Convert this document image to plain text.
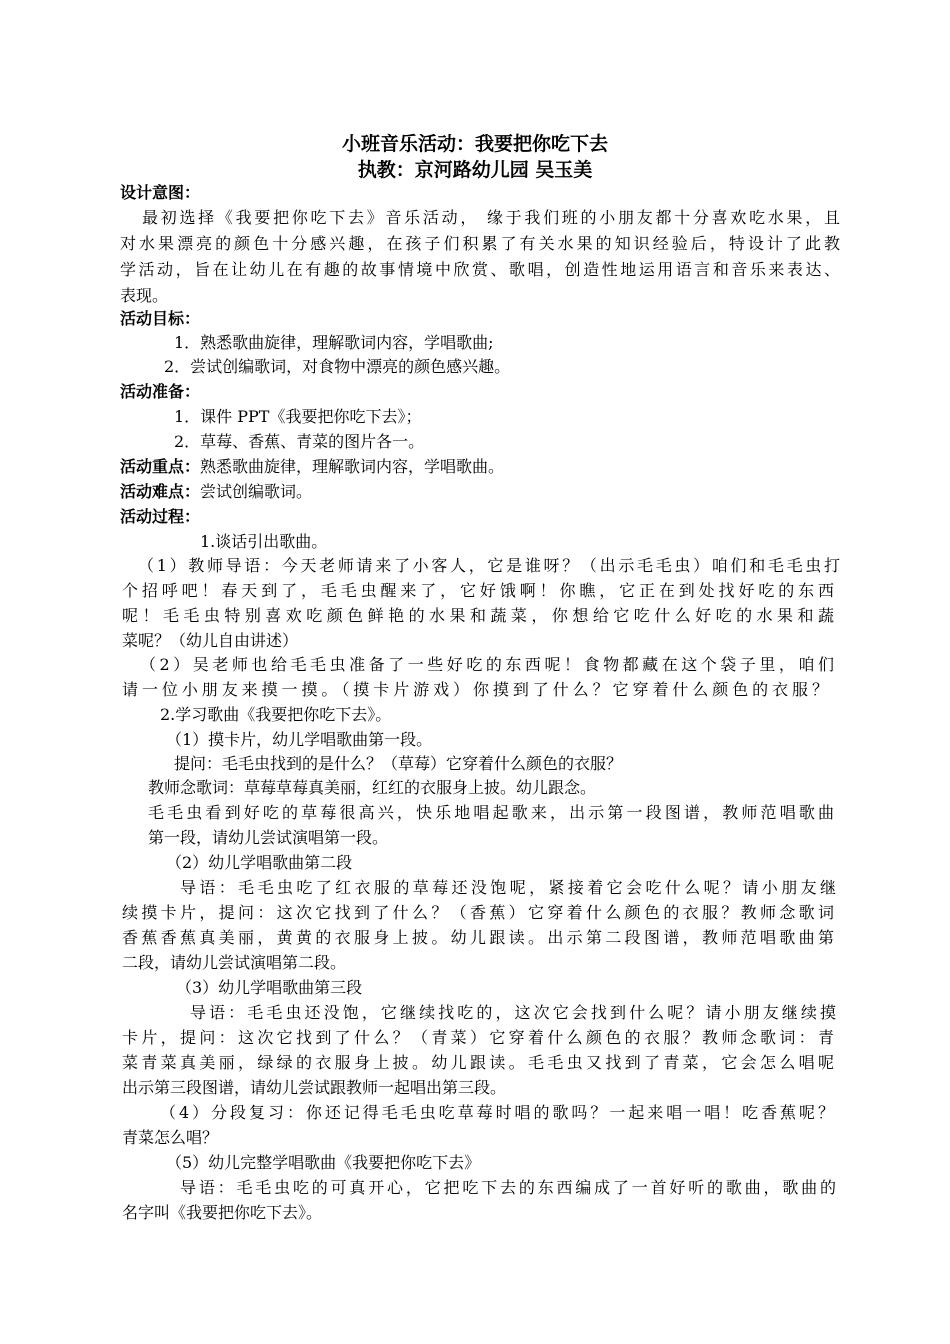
小班音乐活动：我要把你吃下去
执教：京河路幼儿园 吴玉美
设计意图：
最初选择《我要把你吃下去》音乐活动， 缘于我们班的小朋友都十分喜欢吃水果，且
对水果漂亮的颜色十分感兴趣，在孩子们积累了有关水果的知识经验后，特设计了此教
学活动，旨在让幼儿在有趣的故事情境中欣赏、歌唱，创造性地运用语言和音乐来表达、
表现。
活动目标：
1．熟悉歌曲旋律，理解歌词内容，学唱歌曲;
2．尝试创编歌词，对食物中漂亮的颜色感兴趣。
活动准备：
1．课件 PPT《我要把你吃下去》；
2．草莓、香蕉、青菜的图片各一。
活动重点：熟悉歌曲旋律，理解歌词内容，学唱歌曲。
活动难点：尝试创编歌词。
活动过程：
1.谈话引出歌曲。
（1）教师导语：今天老师请来了小客人，它是谁呀？（出示毛毛虫）咱们和毛毛虫打
个招呼吧！春天到了，毛毛虫醒来了，它好饿啊！你瞧，它正在到处找好吃的东西
呢！毛毛虫特别喜欢吃颜色鲜艳的水果和蔬菜，你想给它吃什么好吃的水果和蔬
菜呢？（幼儿自由讲述）
（2）吴老师也给毛毛虫准备了一些好吃的东西呢！食物都藏在这个袋子里，咱们
请一位小朋友来摸一摸。（摸卡片游戏）你摸到了什么？它穿着什么颜色的衣服？
2.学习歌曲《我要把你吃下去》。
（1）摸卡片，幼儿学唱歌曲第一段。
提问：毛毛虫找到的是什么？（草莓）它穿着什么颜色的衣服？
教师念歌词：草莓草莓真美丽，红红的衣服身上披。幼儿跟念。
毛毛虫看到好吃的草莓很高兴，快乐地唱起歌来，出示第一段图谱，教师范唱歌曲
第一段，请幼儿尝试演唱第一段。
（2）幼儿学唱歌曲第二段
导语：毛毛虫吃了红衣服的草莓还没饱呢，紧接着它会吃什么呢？请小朋友继
续摸卡片，提问：这次它找到了什么？（香蕉）它穿着什么颜色的衣服？教师念歌词
香蕉香蕉真美丽，黄黄的衣服身上披。幼儿跟读。出示第二段图谱，教师范唱歌曲第
二段，请幼儿尝试演唱第二段。
（3）幼儿学唱歌曲第三段
导语：毛毛虫还没饱，它继续找吃的，这次它会找到什么呢？请小朋友继续摸
卡片，提问：这次它找到了什么？（青菜）它穿着什么颜色的衣服？教师念歌词：青
菜青菜真美丽，绿绿的衣服身上披。幼儿跟读。毛毛虫又找到了青菜，它会怎么唱呢
出示第三段图谱，请幼儿尝试跟教师一起唱出第三段。
（4）分段复习：你还记得毛毛虫吃草莓时唱的歌吗？一起来唱一唱！吃香蕉呢？
青菜怎么唱？
（5）幼儿完整学唱歌曲《我要把你吃下去》
导语：毛毛虫吃的可真开心，它把吃下去的东西编成了一首好听的歌曲，歌曲的
名字叫《我要把你吃下去》。
